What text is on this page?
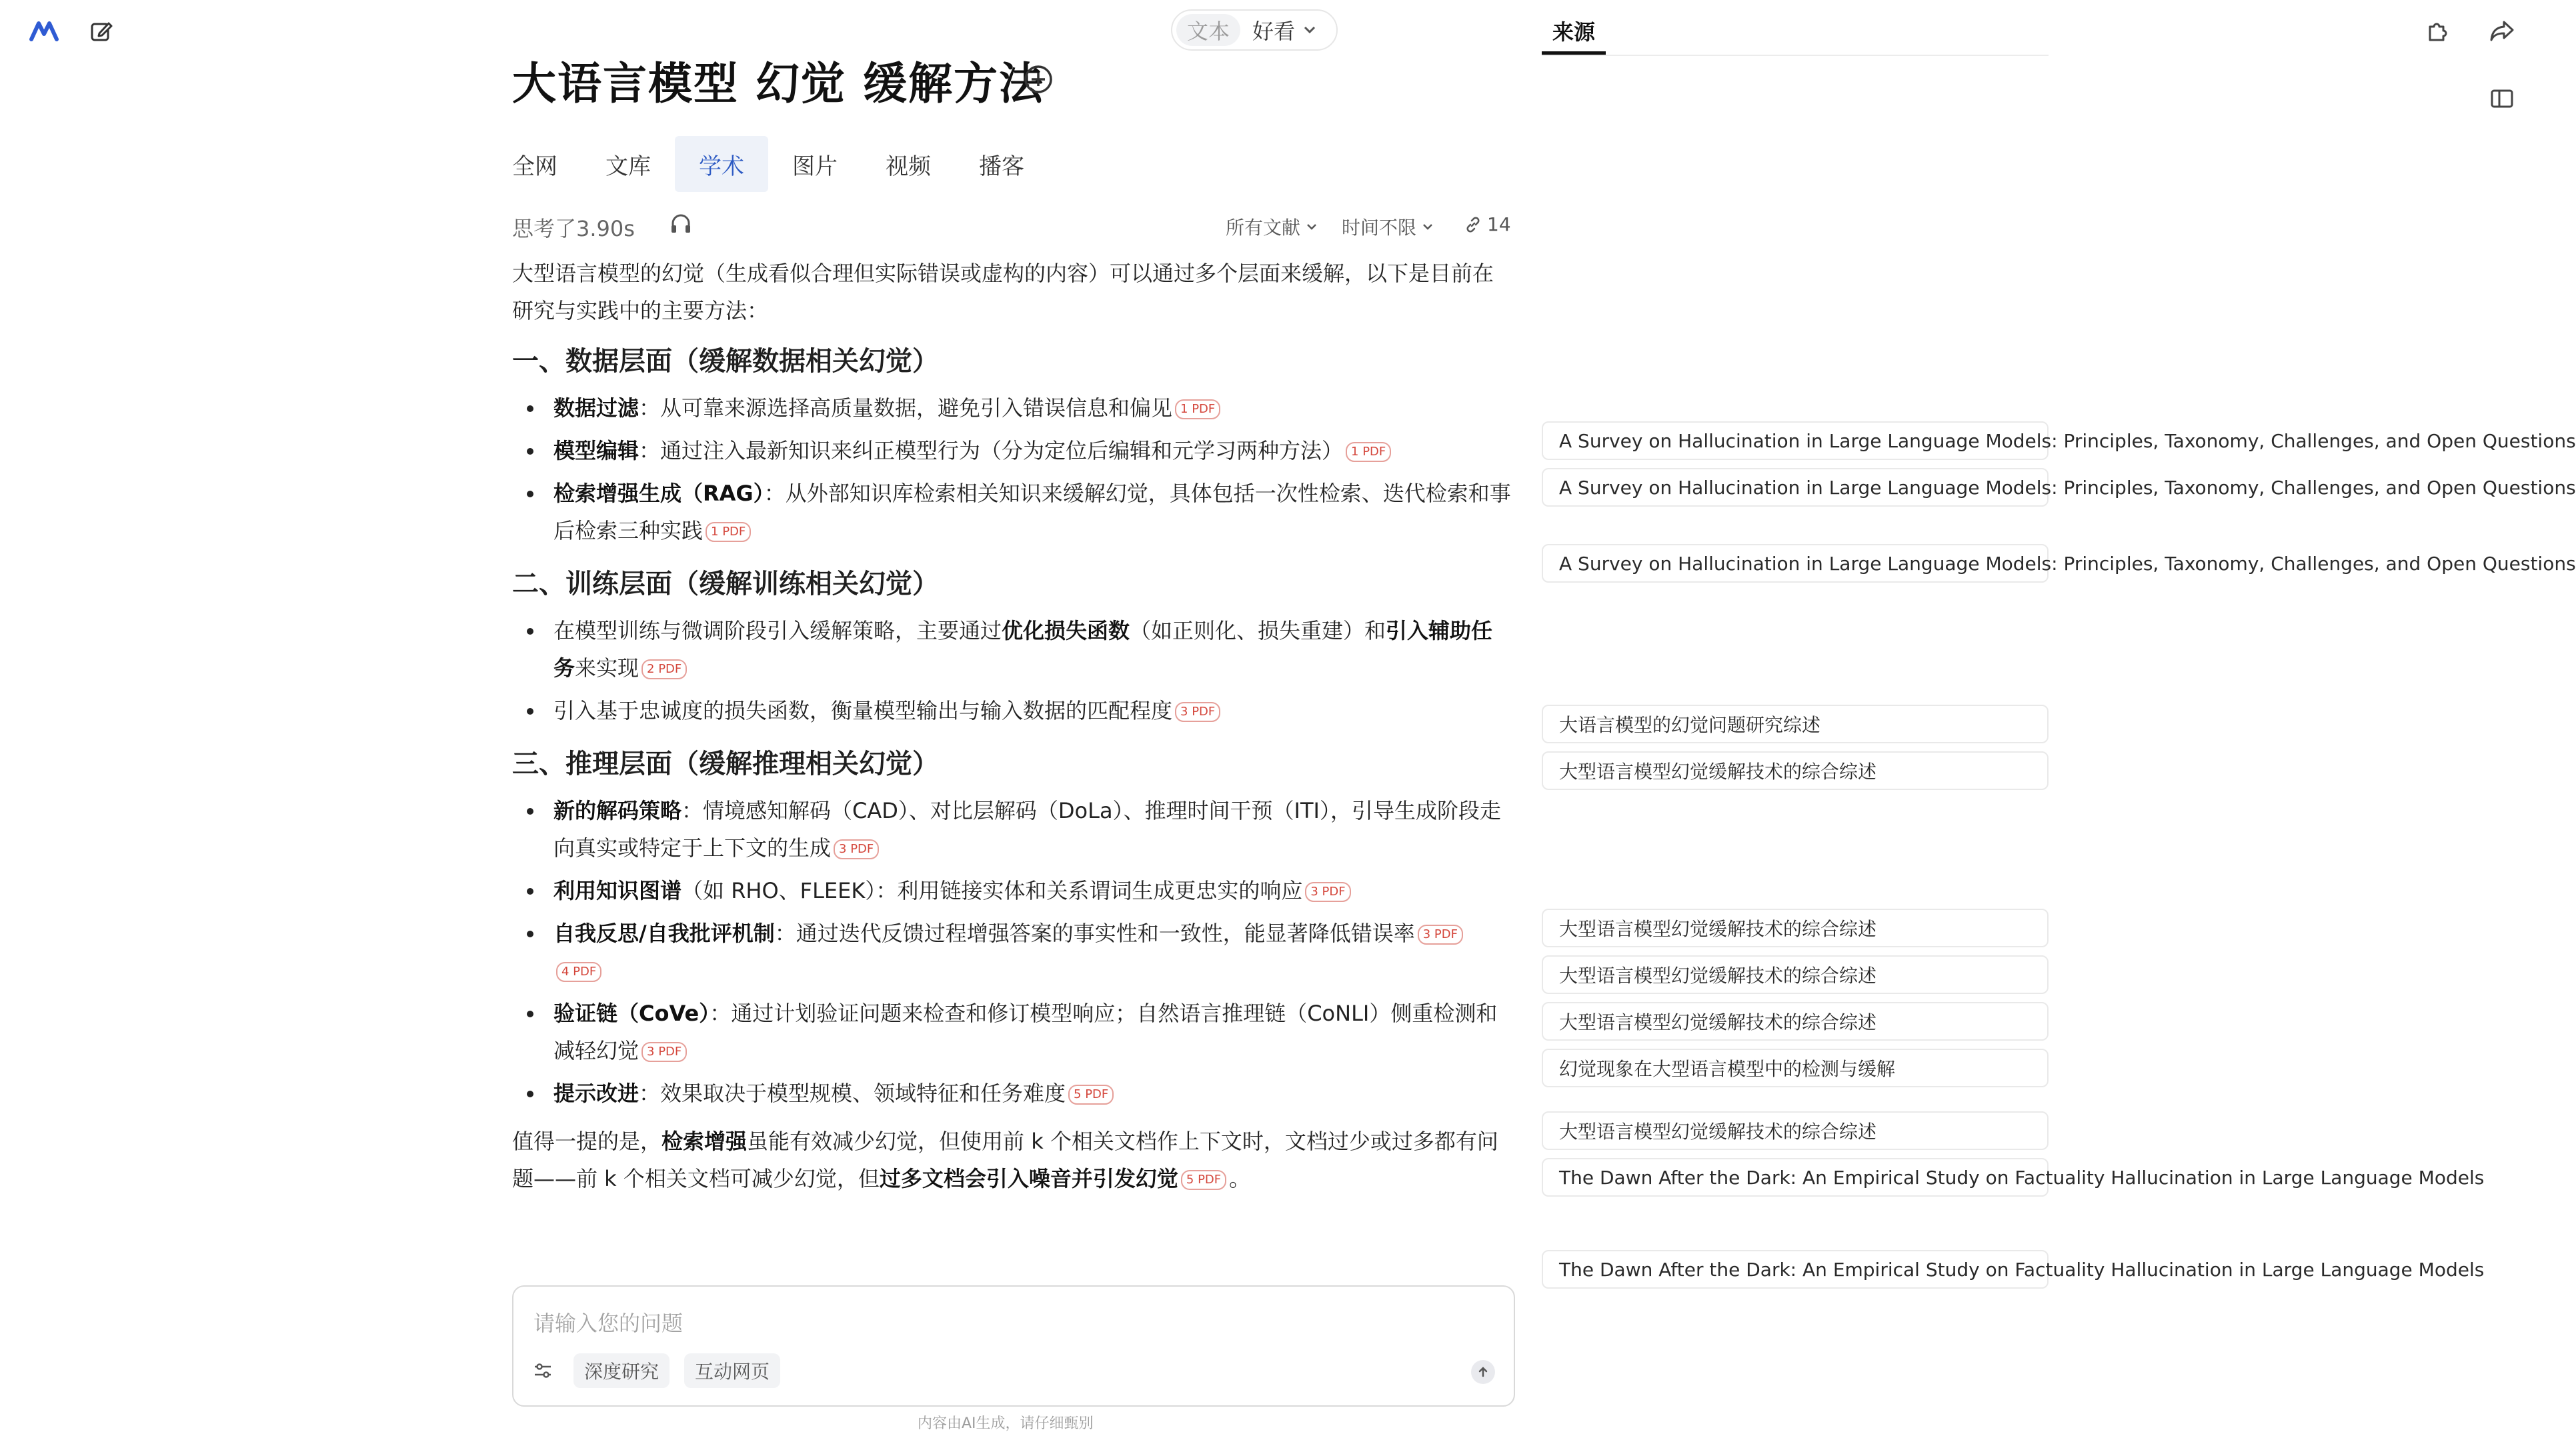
文本	好看
大语言模型 幻觉 缓解方法
全网	文库	学术	图片	视频	播客
思考了3.90s	所有文献 时间不限	14

大型语言模型的幻觉（生成看似合理但实际错误或虚构的内容）可以通过多个层面来缓解，以下是目前在研究与实践中的主要方法：

一、数据层面（缓解数据相关幻觉）

数据过滤：从可靠来源选择高质量数据，避免引入错误信息和偏见 1 PDF

模型编辑：通过注入最新知识来纠正模型行为（分为定位后编辑和元学习两种方法） 1 PDF

检索增强生成（RAG）：从外部知识库检索相关知识来缓解幻觉，具体包括一次性检索、迭代检索和事后检索三种实践 1 PDF

二、训练层面（缓解训练相关幻觉）

在模型训练与微调阶段引入缓解策略，主要通过优化损失函数（如正则化、损失重建）和引入辅助任务来实现 2 PDF

引入基于忠诚度的损失函数，衡量模型输出与输入数据的匹配程度 3 PDF

三、推理层面（缓解推理相关幻觉）

新的解码策略：情境感知解码（CAD）、对比层解码（DoLa）、推理时间干预（ITI），引导生成阶段走向真实或特定于上下文的生成 3 PDF

利用知识图谱（如 RHO、FLEEK）：利用链接实体和关系谓词生成更忠实的响应 3 PDF

自我反思/自我批评机制：通过迭代反馈过程增强答案的事实性和一致性，能显著降低错误率 3 PDF4 PDF

验证链（CoVe）：通过计划验证问题来检查和修订模型响应；自然语言推理链（CoNLI）侧重检测和减轻幻觉 3 PDF

提示改进：效果取决于模型规模、领域特征和任务难度 5 PDF

值得一提的是，检索增强虽能有效减少幻觉，但使用前 k 个相关文档作上下文时，文档过少或过多都有问题——前 k 个相关文档可减少幻觉，但过多文档会引入噪音并引发幻觉 5 PDF 。

请输入您的问题
深度研究	互动网页
内容由AI生成，请仔细甄别
来源
A Survey on Hallucination in Large Language Models: Principles, Taxonomy, Challenges, and Open Questions
A Survey on Hallucination in Large Language Models: Principles, Taxonomy, Challenges, and Open Questions
A Survey on Hallucination in Large Language Models: Principles, Taxonomy, Challenges, and Open Questions
大语言模型的幻觉问题研究综述
大型语言模型幻觉缓解技术的综合综述
大型语言模型幻觉缓解技术的综合综述
大型语言模型幻觉缓解技术的综合综述
大型语言模型幻觉缓解技术的综合综述
幻觉现象在大型语言模型中的检测与缓解
大型语言模型幻觉缓解技术的综合综述
The Dawn After the Dark: An Empirical Study on Factuality Hallucination in Large Language Models
The Dawn After the Dark: An Empirical Study on Factuality Hallucination in Large Language Models
